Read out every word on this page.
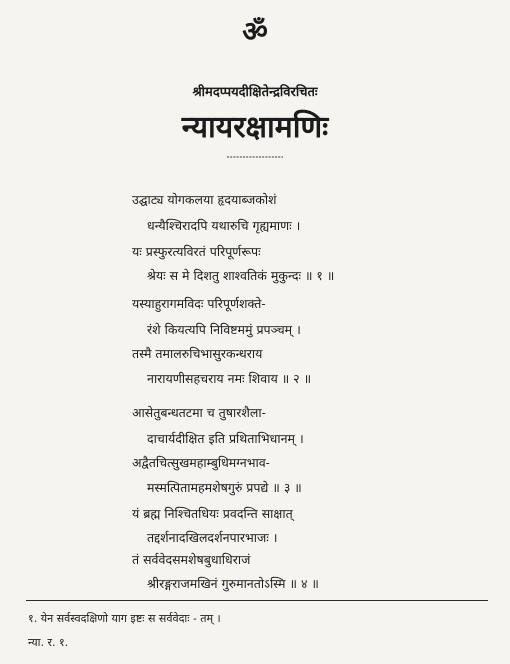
ॐ
श्रीमदप्पयदीक्षितेन्द्रविरचितः
न्यायरक्षामणिः
उद्घाट्य योगकलया हृदयाब्जकोशं
धन्यैश्चिरादपि यथारुचि गृह्यमाणः ।
यः प्रस्फुरत्यविरतं परिपूर्णरूपः
श्रेयः स मे दिशतु शाश्वतिकं मुकुन्दः ॥ १ ॥
यस्याहुरागमविदः परिपूर्णशक्ते-
रंशे कियत्यपि निविष्टममुं प्रपञ्चम् ।
तस्मै तमालरुचिभासुरकन्धराय
नारायणीसहचराय नमः शिवाय ॥ २ ॥
आसेतुबन्धतटमा च तुषारशैला-
दाचार्यदीक्षित इति प्रथिताभिधानम् ।
अद्वैतचित्सुखमहाम्बुधिमग्नभाव-
मस्मत्पितामहमशेषगुरुं प्रपद्ये ॥ ३ ॥
यं ब्रह्म निश्चितधियः प्रवदन्ति साक्षात्
तद्दर्शनादखिलदर्शनपारभाजः ।
तं सर्ववेदसमशेषबुधाधिराजं
श्रीरङ्गराजमखिनं गुरुमानतोऽस्मि ॥ ४ ॥
१. येन सर्वस्वदक्षिणो याग इष्टः स सर्ववेदाः - तम् ।
न्या. र. १.
